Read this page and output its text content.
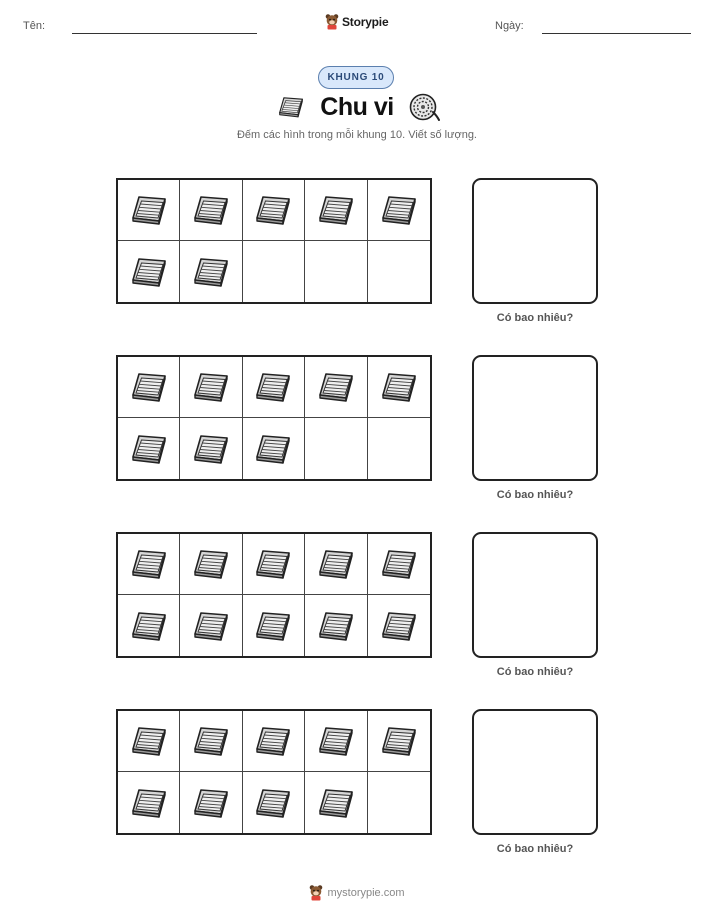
Tên:	Storypie	Ngày:
KHUNG 10
Chu vi
Đếm các hình trong mỗi khung 10. Viết số lượng.
Có bao nhiêu?
Có bao nhiêu?
Có bao nhiêu?
Có bao nhiêu?
mystorypie.com
